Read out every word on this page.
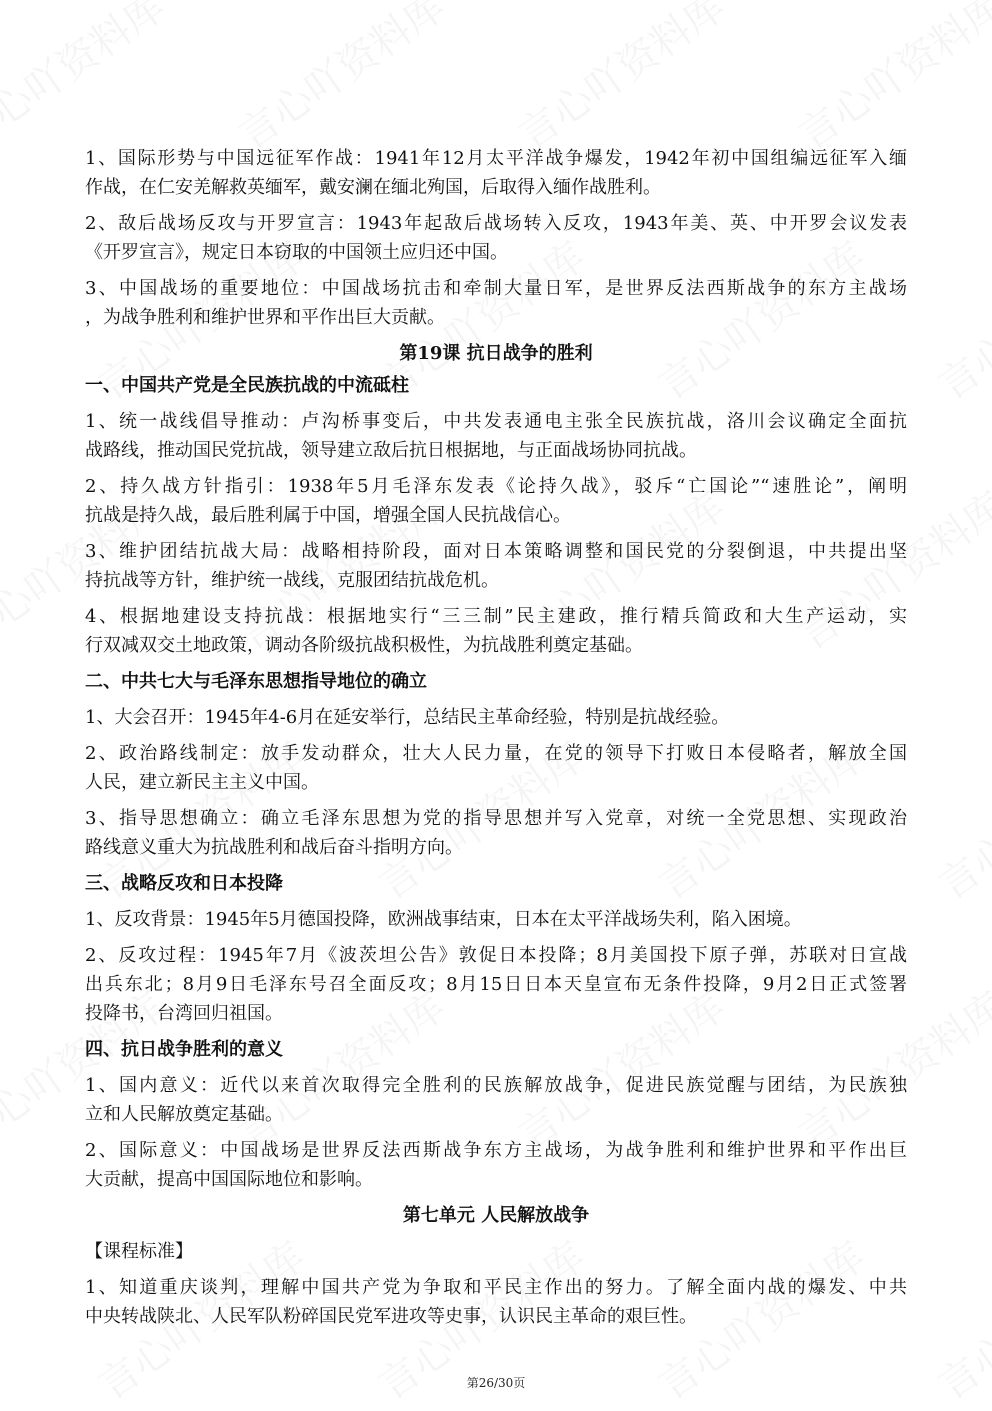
1、国际形势与中国远征军作战：1941年12月太平洋战争爆发，1942年初中国组编远征军入缅
作战，在仁安羌解救英缅军，戴安澜在缅北殉国，后取得入缅作战胜利。
2、敌后战场反攻与开罗宣言：1943年起敌后战场转入反攻，1943年美、英、中开罗会议发表
《开罗宣言》，规定日本窃取的中国领土应归还中国。
3、中国战场的重要地位：中国战场抗击和牵制大量日军，是世界反法西斯战争的东方主战场
，为战争胜利和维护世界和平作出巨大贡献。
第19课 抗日战争的胜利
一、中国共产党是全民族抗战的中流砥柱
1、统一战线倡导推动：卢沟桥事变后，中共发表通电主张全民族抗战，洛川会议确定全面抗
战路线，推动国民党抗战，领导建立敌后抗日根据地，与正面战场协同抗战。
2、持久战方针指引：1938年5月毛泽东发表《论持久战》，驳斥“亡国论”“速胜论”，阐明
抗战是持久战，最后胜利属于中国，增强全国人民抗战信心。
3、维护团结抗战大局：战略相持阶段，面对日本策略调整和国民党的分裂倒退，中共提出坚
持抗战等方针，维护统一战线，克服团结抗战危机。
4、根据地建设支持抗战：根据地实行“三三制”民主建政，推行精兵简政和大生产运动，实
行双减双交土地政策，调动各阶级抗战积极性，为抗战胜利奠定基础。
二、中共七大与毛泽东思想指导地位的确立
1、大会召开：1945年4-6月在延安举行，总结民主革命经验，特别是抗战经验。
2、政治路线制定：放手发动群众，壮大人民力量，在党的领导下打败日本侵略者，解放全国
人民，建立新民主主义中国。
3、指导思想确立：确立毛泽东思想为党的指导思想并写入党章，对统一全党思想、实现政治
路线意义重大为抗战胜利和战后奋斗指明方向。
三、战略反攻和日本投降
1、反攻背景：1945年5月德国投降，欧洲战事结束，日本在太平洋战场失利，陷入困境。
2、反攻过程：1945年7月《波茨坦公告》敦促日本投降；8月美国投下原子弹，苏联对日宣战
出兵东北；8月9日毛泽东号召全面反攻；8月15日日本天皇宣布无条件投降，9月2日正式签署
投降书，台湾回归祖国。
四、抗日战争胜利的意义
1、国内意义：近代以来首次取得完全胜利的民族解放战争，促进民族觉醒与团结，为民族独
立和人民解放奠定基础。
2、国际意义：中国战场是世界反法西斯战争东方主战场，为战争胜利和维护世界和平作出巨
大贡献，提高中国国际地位和影响。
第七单元 人民解放战争
【课程标准】
1、知道重庆谈判，理解中国共产党为争取和平民主作出的努力。了解全面内战的爆发、中共
中央转战陕北、人民军队粉碎国民党军进攻等史事，认识民主革命的艰巨性。
第26/30页
